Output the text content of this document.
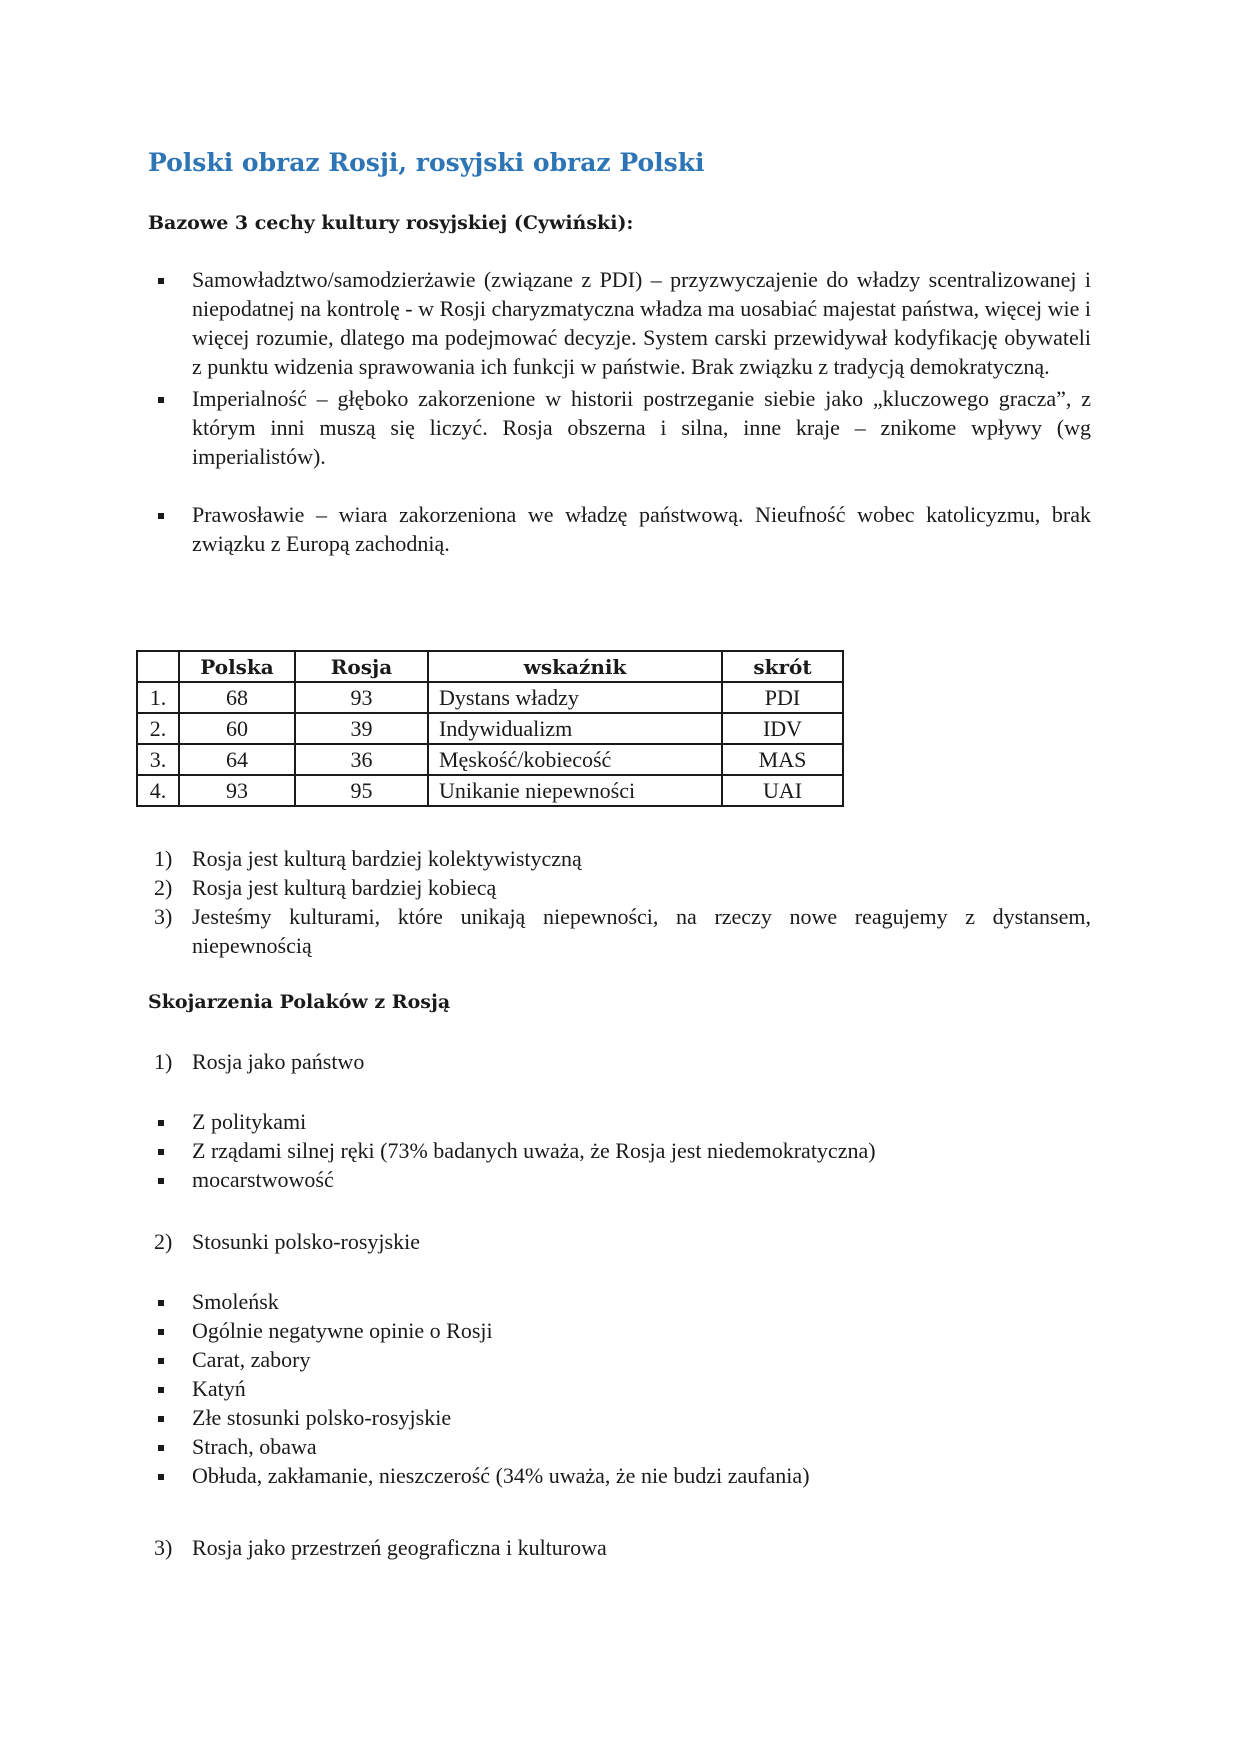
Polski obraz Rosji, rosyjski obraz Polski

Bazowe 3 cechy kultury rosyjskiej (Cywiński):

Samowładztwo/samodzierżawie (związane z PDI) – przyzwyczajenie do władzy scentralizowanej i niepodatnej na kontrolę - w Rosji charyzmatyczna władza ma uosabiać majestat państwa, więcej wie i więcej rozumie, dlatego ma podejmować decyzje. System carski przewidywał kodyfikację obywateli z punktu widzenia sprawowania ich funkcji w państwie. Brak związku z tradycją demokratyczną.
Imperialność – głęboko zakorzenione w historii postrzeganie siebie jako „kluczowego gracza”, z którym inni muszą się liczyć. Rosja obszerna i silna, inne kraje – znikome wpływy (wg imperialistów).
Prawosławie – wiara zakorzeniona we władzę państwową. Nieufność wobec katolicyzmu, brak związku z Europą zachodnią.
	Polska	Rosja	wskaźnik	skrót
1.	68	93	Dystans władzy	PDI
2.	60	39	Indywidualizm	IDV
3.	64	36	Męskość/kobiecość	MAS
4.	93	95	Unikanie niepewności	UAI
1) Rosja jest kulturą bardziej kolektywistyczną
2) Rosja jest kulturą bardziej kobiecą
3) Jesteśmy kulturami, które unikają niepewności, na rzeczy nowe reagujemy z dystansem, niepewnością

Skojarzenia Polaków z Rosją

1) Rosja jako państwo
Z politykami
Z rządami silnej ręki (73% badanych uważa, że Rosja jest niedemokratyczna)
mocarstwowość
2) Stosunki polsko-rosyjskie
Smoleńsk
Ogólnie negatywne opinie o Rosji
Carat, zabory
Katyń
Złe stosunki polsko-rosyjskie
Strach, obawa
Obłuda, zakłamanie, nieszczerość (34% uważa, że nie budzi zaufania)
3) Rosja jako przestrzeń geograficzna i kulturowa
